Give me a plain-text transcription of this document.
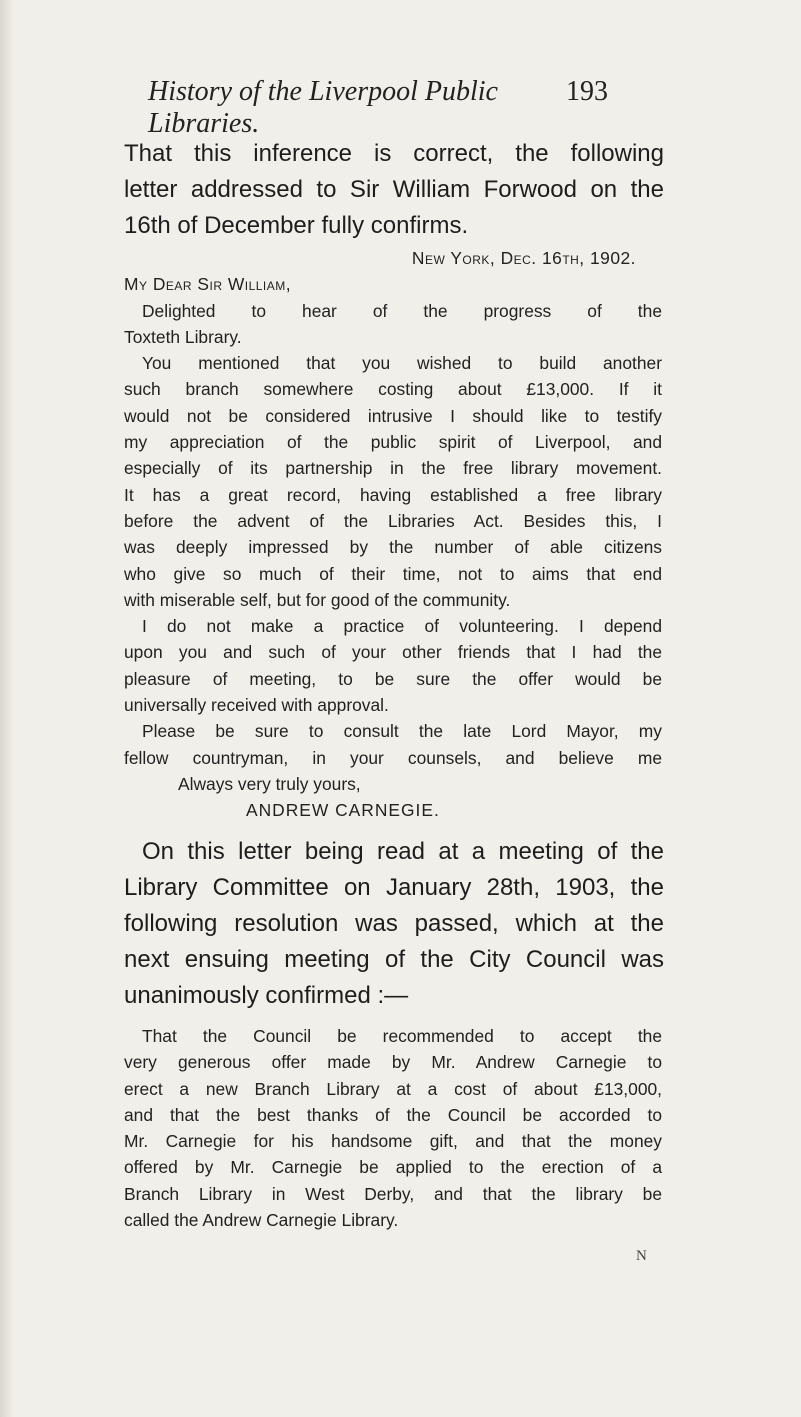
History of the Liverpool Public Libraries.
193
That this inference is correct, the following
letter addressed to Sir William Forwood on the
16th of December fully confirms.
New York, Dec. 16th, 1902.
My Dear Sir William,
Delighted to hear of the progress of the
Toxteth Library.
You mentioned that you wished to build another
such branch somewhere costing about £13,000. If it
would not be considered intrusive I should like to testify
my appreciation of the public spirit of Liverpool, and
especially of its partnership in the free library movement.
It has a great record, having established a free library
before the advent of the Libraries Act. Besides this, I
was deeply impressed by the number of able citizens
who give so much of their time, not to aims that end
with miserable self, but for good of the community.
I do not make a practice of volunteering. I depend
upon you and such of your other friends that I had the
pleasure of meeting, to be sure the offer would be
universally received with approval.
Please be sure to consult the late Lord Mayor, my
fellow countryman, in your counsels, and believe me
Always very truly yours,
ANDREW CARNEGIE.
On this letter being read at a meeting of the
Library Committee on January 28th, 1903, the
following resolution was passed, which at the
next ensuing meeting of the City Council was
unanimously confirmed :—
That the Council be recommended to accept the
very generous offer made by Mr. Andrew Carnegie to
erect a new Branch Library at a cost of about £13,000,
and that the best thanks of the Council be accorded to
Mr. Carnegie for his handsome gift, and that the money
offered by Mr. Carnegie be applied to the erection of a
Branch Library in West Derby, and that the library be
called the Andrew Carnegie Library.
N
